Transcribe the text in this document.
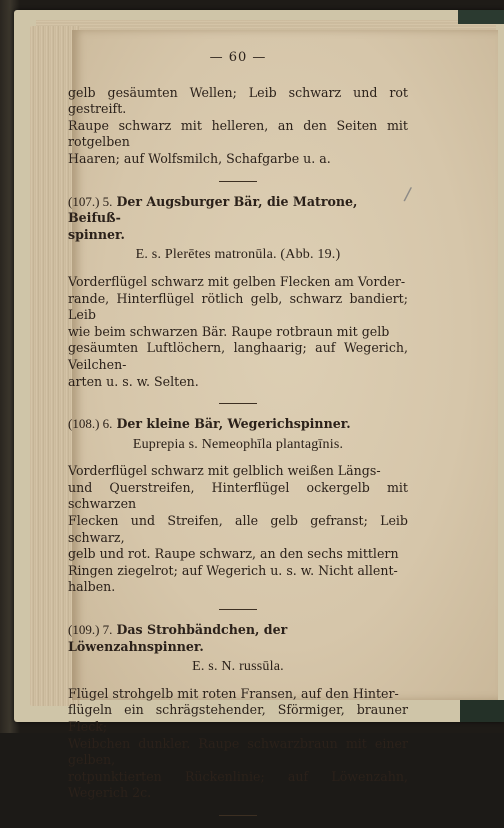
— 60 —

gelb gesäumten Wellen; Leib schwarz und rot gestreift.
Raupe schwarz mit helleren, an den Seiten mit rotgelben
Haaren; auf Wolfsmilch, Schafgarbe u. a.

(107.) 5. Der Augsburger Bär, die Matrone, Beifuß-
spinner.

E. s. Plerētes matronūla. (Abb. 19.)

Vorderflügel schwarz mit gelben Flecken am Vorder-
rande, Hinterflügel rötlich gelb, schwarz bandiert; Leib
wie beim schwarzen Bär. Raupe rotbraun mit gelb
gesäumten Luftlöchern, langhaarig; auf Wegerich, Veilchen-
arten u. s. w. Selten.

(108.) 6. Der kleine Bär, Wegerichspinner.

Euprepia s. Nemeophīla plantagīnis.

Vorderflügel schwarz mit gelblich weißen Längs-
und Querstreifen, Hinterflügel ockergelb mit schwarzen
Flecken und Streifen, alle gelb gefranst; Leib schwarz,
gelb und rot. Raupe schwarz, an den sechs mittlern
Ringen ziegelrot; auf Wegerich u. s. w. Nicht allent-
halben.

(109.) 7. Das Strohbändchen, der Löwenzahnspinner.

E. s. N. russūla.

Flügel strohgelb mit roten Fransen, auf den Hinter-
flügeln ein schrägstehender, Sförmiger, brauner Fleck;
Weibchen dunkler. Raupe schwarzbraun mit einer gelben,
rotpunktierten Rückenlinie; auf Löwenzahn, Wegerich 2c.

/
